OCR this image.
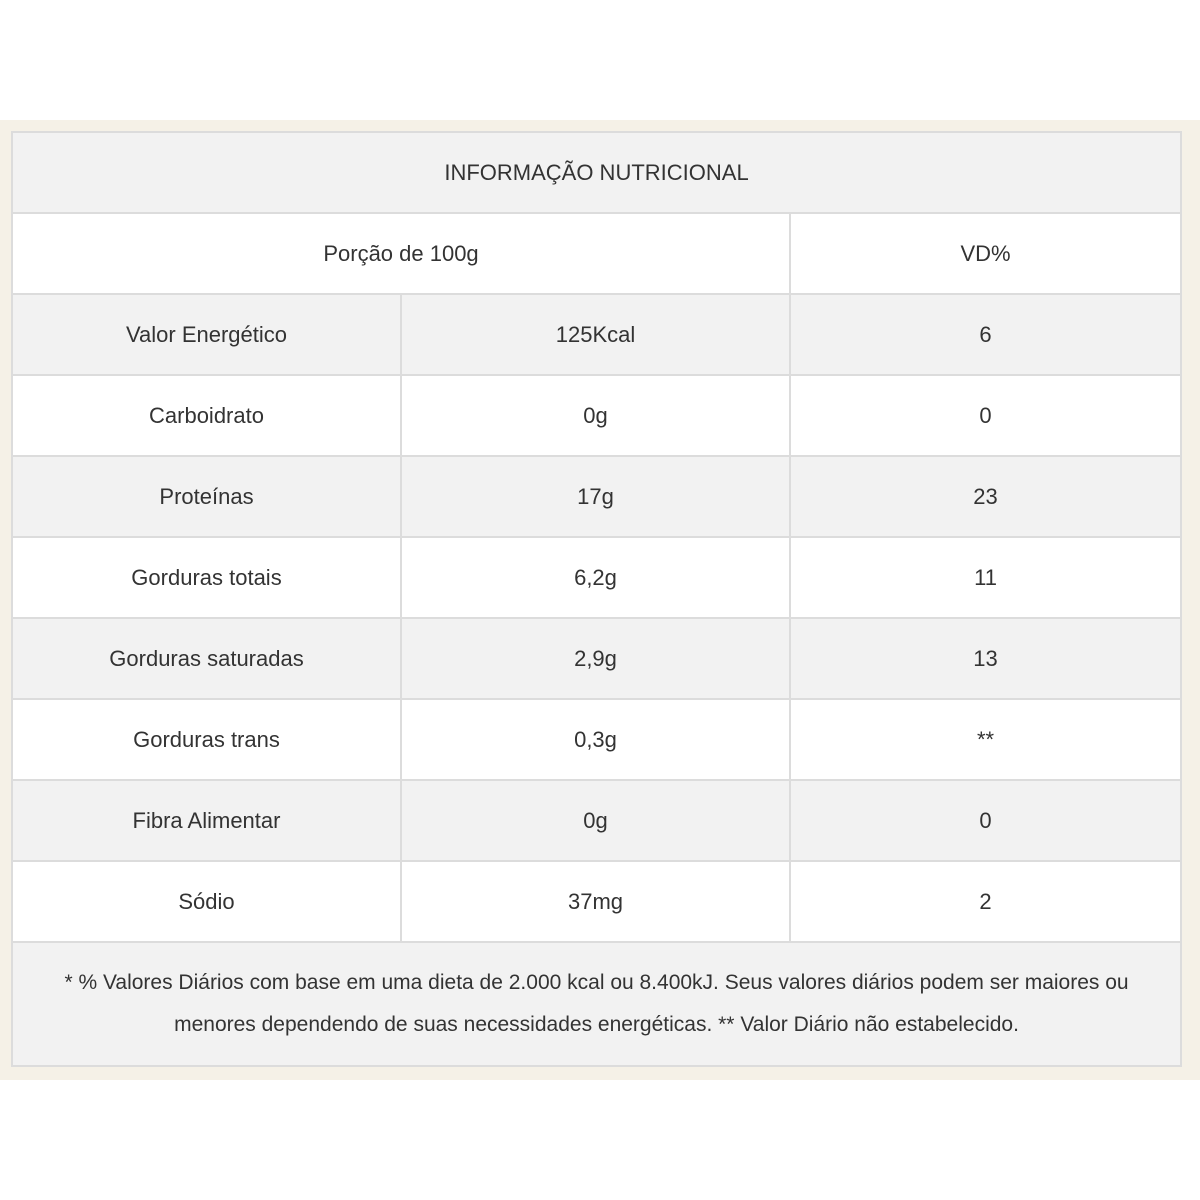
INFORMAÇÃO NUTRICIONAL		
Porção de 100g		VD%
Valor Energético	125Kcal	6
Carboidrato	0g	0
Proteínas	17g	23
Gorduras totais	6,2g	11
Gorduras saturadas	2,9g	13
Gorduras trans	0,3g	**
Fibra Alimentar	0g	0
Sódio	37mg	2
* % Valores Diários com base em uma dieta de 2.000 kcal ou 8.400kJ. Seus valores diários podem ser maiores ou menores dependendo de suas necessidades energéticas. ** Valor Diário não estabelecido.		
